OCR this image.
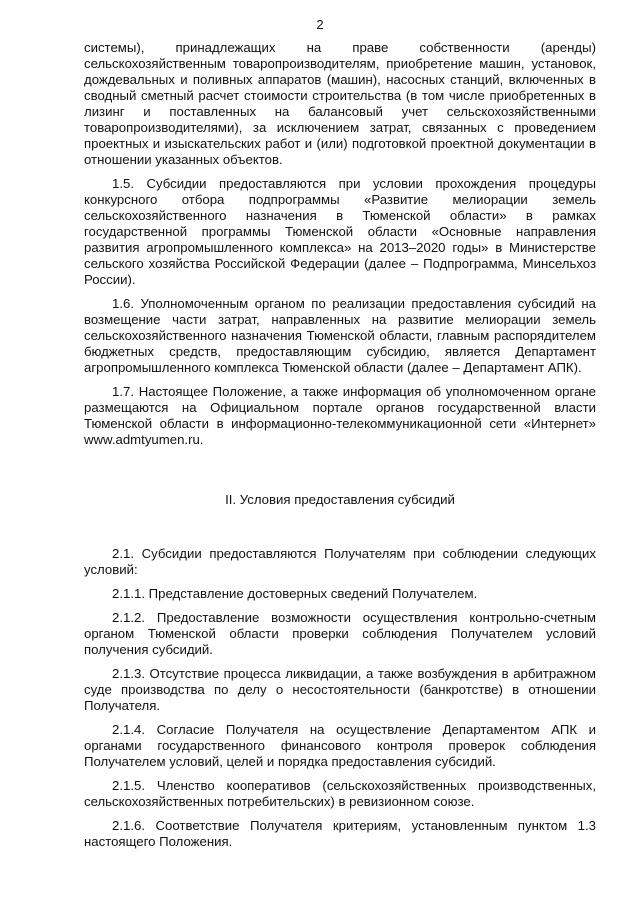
2

системы), принадлежащих на праве собственности (аренды) сельскохозяйственным товаропроизводителям, приобретение машин, установок, дождевальных и поливных аппаратов (машин), насосных станций, включенных в сводный сметный расчет стоимости строительства (в том числе приобретенных в лизинг и поставленных на балансовый учет сельскохозяйственными товаропроизводителями), за исключением затрат, связанных с проведением проектных и изыскательских работ и (или) подготовкой проектной документации в отношении указанных объектов.

1.5. Субсидии предоставляются при условии прохождения процедуры конкурсного отбора подпрограммы «Развитие мелиорации земель сельскохозяйственного назначения в Тюменской области» в рамках государственной программы Тюменской области «Основные направления развития агропромышленного комплекса» на 2013–2020 годы» в Министерстве сельского хозяйства Российской Федерации (далее – Подпрограмма, Минсельхоз России).

1.6. Уполномоченным органом по реализации предоставления субсидий на возмещение части затрат, направленных на развитие мелиорации земель сельскохозяйственного назначения Тюменской области, главным распорядителем бюджетных средств, предоставляющим субсидию, является Департамент агропромышленного комплекса Тюменской области (далее – Департамент АПК).

1.7. Настоящее Положение, а также информация об уполномоченном органе размещаются на Официальном портале органов государственной власти Тюменской области в информационно-телекоммуникационной сети «Интернет» www.admtyumen.ru.

II. Условия предоставления субсидий

2.1. Субсидии предоставляются Получателям при соблюдении следующих условий:

2.1.1. Представление достоверных сведений Получателем.

2.1.2. Предоставление возможности осуществления контрольно-счетным органом Тюменской области проверки соблюдения Получателем условий получения субсидий.

2.1.3. Отсутствие процесса ликвидации, а также возбуждения в арбитражном суде производства по делу о несостоятельности (банкротстве) в отношении Получателя.

2.1.4. Согласие Получателя на осуществление Департаментом АПК и органами государственного финансового контроля проверок соблюдения Получателем условий, целей и порядка предоставления субсидий.

2.1.5. Членство кооперативов (сельскохозяйственных производственных, сельскохозяйственных потребительских) в ревизионном союзе.

2.1.6. Соответствие Получателя критериям, установленным пунктом 1.3 настоящего Положения.
